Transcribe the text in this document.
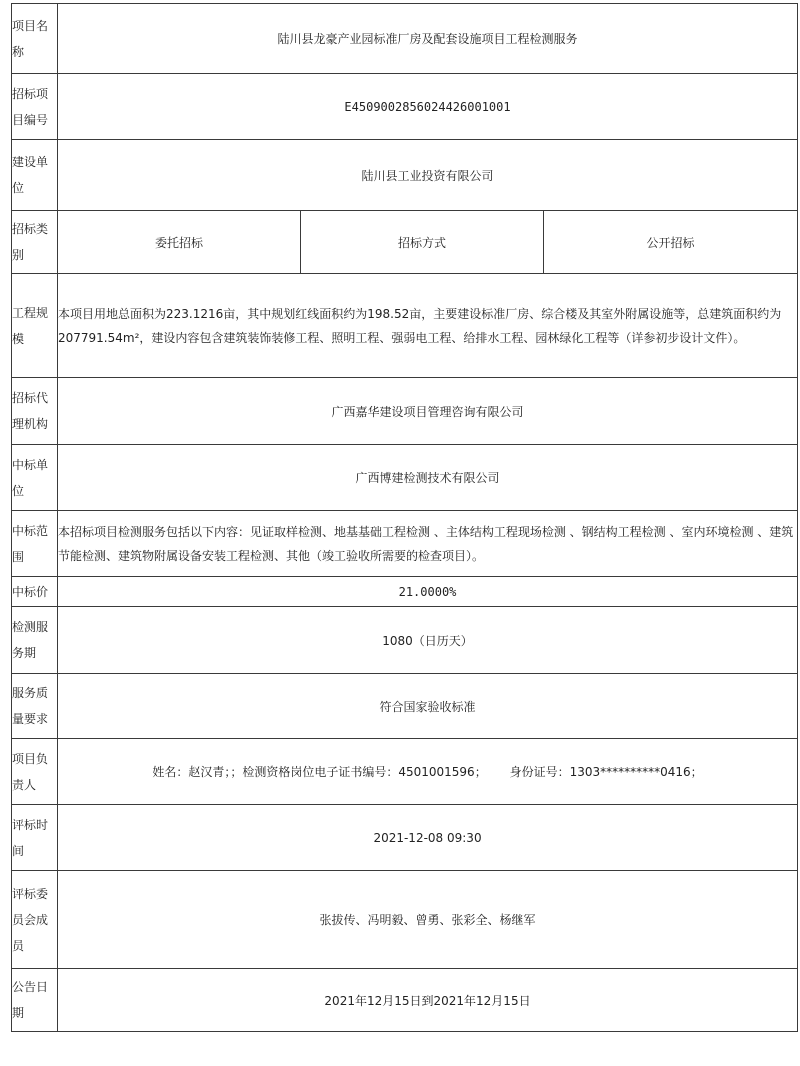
项目名称	陆川县龙豪产业园标准厂房及配套设施项目工程检测服务		
招标项目编号	E4509002856024426001001		
建设单位	陆川县工业投资有限公司		
招标类别	委托招标	招标方式	公开招标
工程规模	本项目用地总面积为223.1216亩，其中规划红线面积约为198.52亩，主要建设标准厂房、综合楼及其室外附属设施等，总建筑面积约为207791.54m²，建设内容包含建筑装饰装修工程、照明工程、强弱电工程、给排水工程、园林绿化工程等（详参初步设计文件）。		
招标代理机构	广西嘉华建设项目管理咨询有限公司		
中标单位	广西博建检测技术有限公司		
中标范围	本招标项目检测服务包括以下内容：见证取样检测、地基基础工程检测 、主体结构工程现场检测 、钢结构工程检测 、室内环境检测 、建筑节能检测、建筑物附属设备安装工程检测、其他（竣工验收所需要的检查项目）。		
中标价	21.0000%		
检测服务期	1080（日历天）		
服务质量要求	符合国家验收标准		
项目负责人	姓名：赵汉青；；检测资格岗位电子证书编号：4501001596；      身份证号：1303**********0416；		
评标时间	2021-12-08 09:30		
评标委员会成员	张拔传、冯明毅、曾勇、张彩全、杨继军		
公告日期	2021年12月15日到2021年12月15日		
